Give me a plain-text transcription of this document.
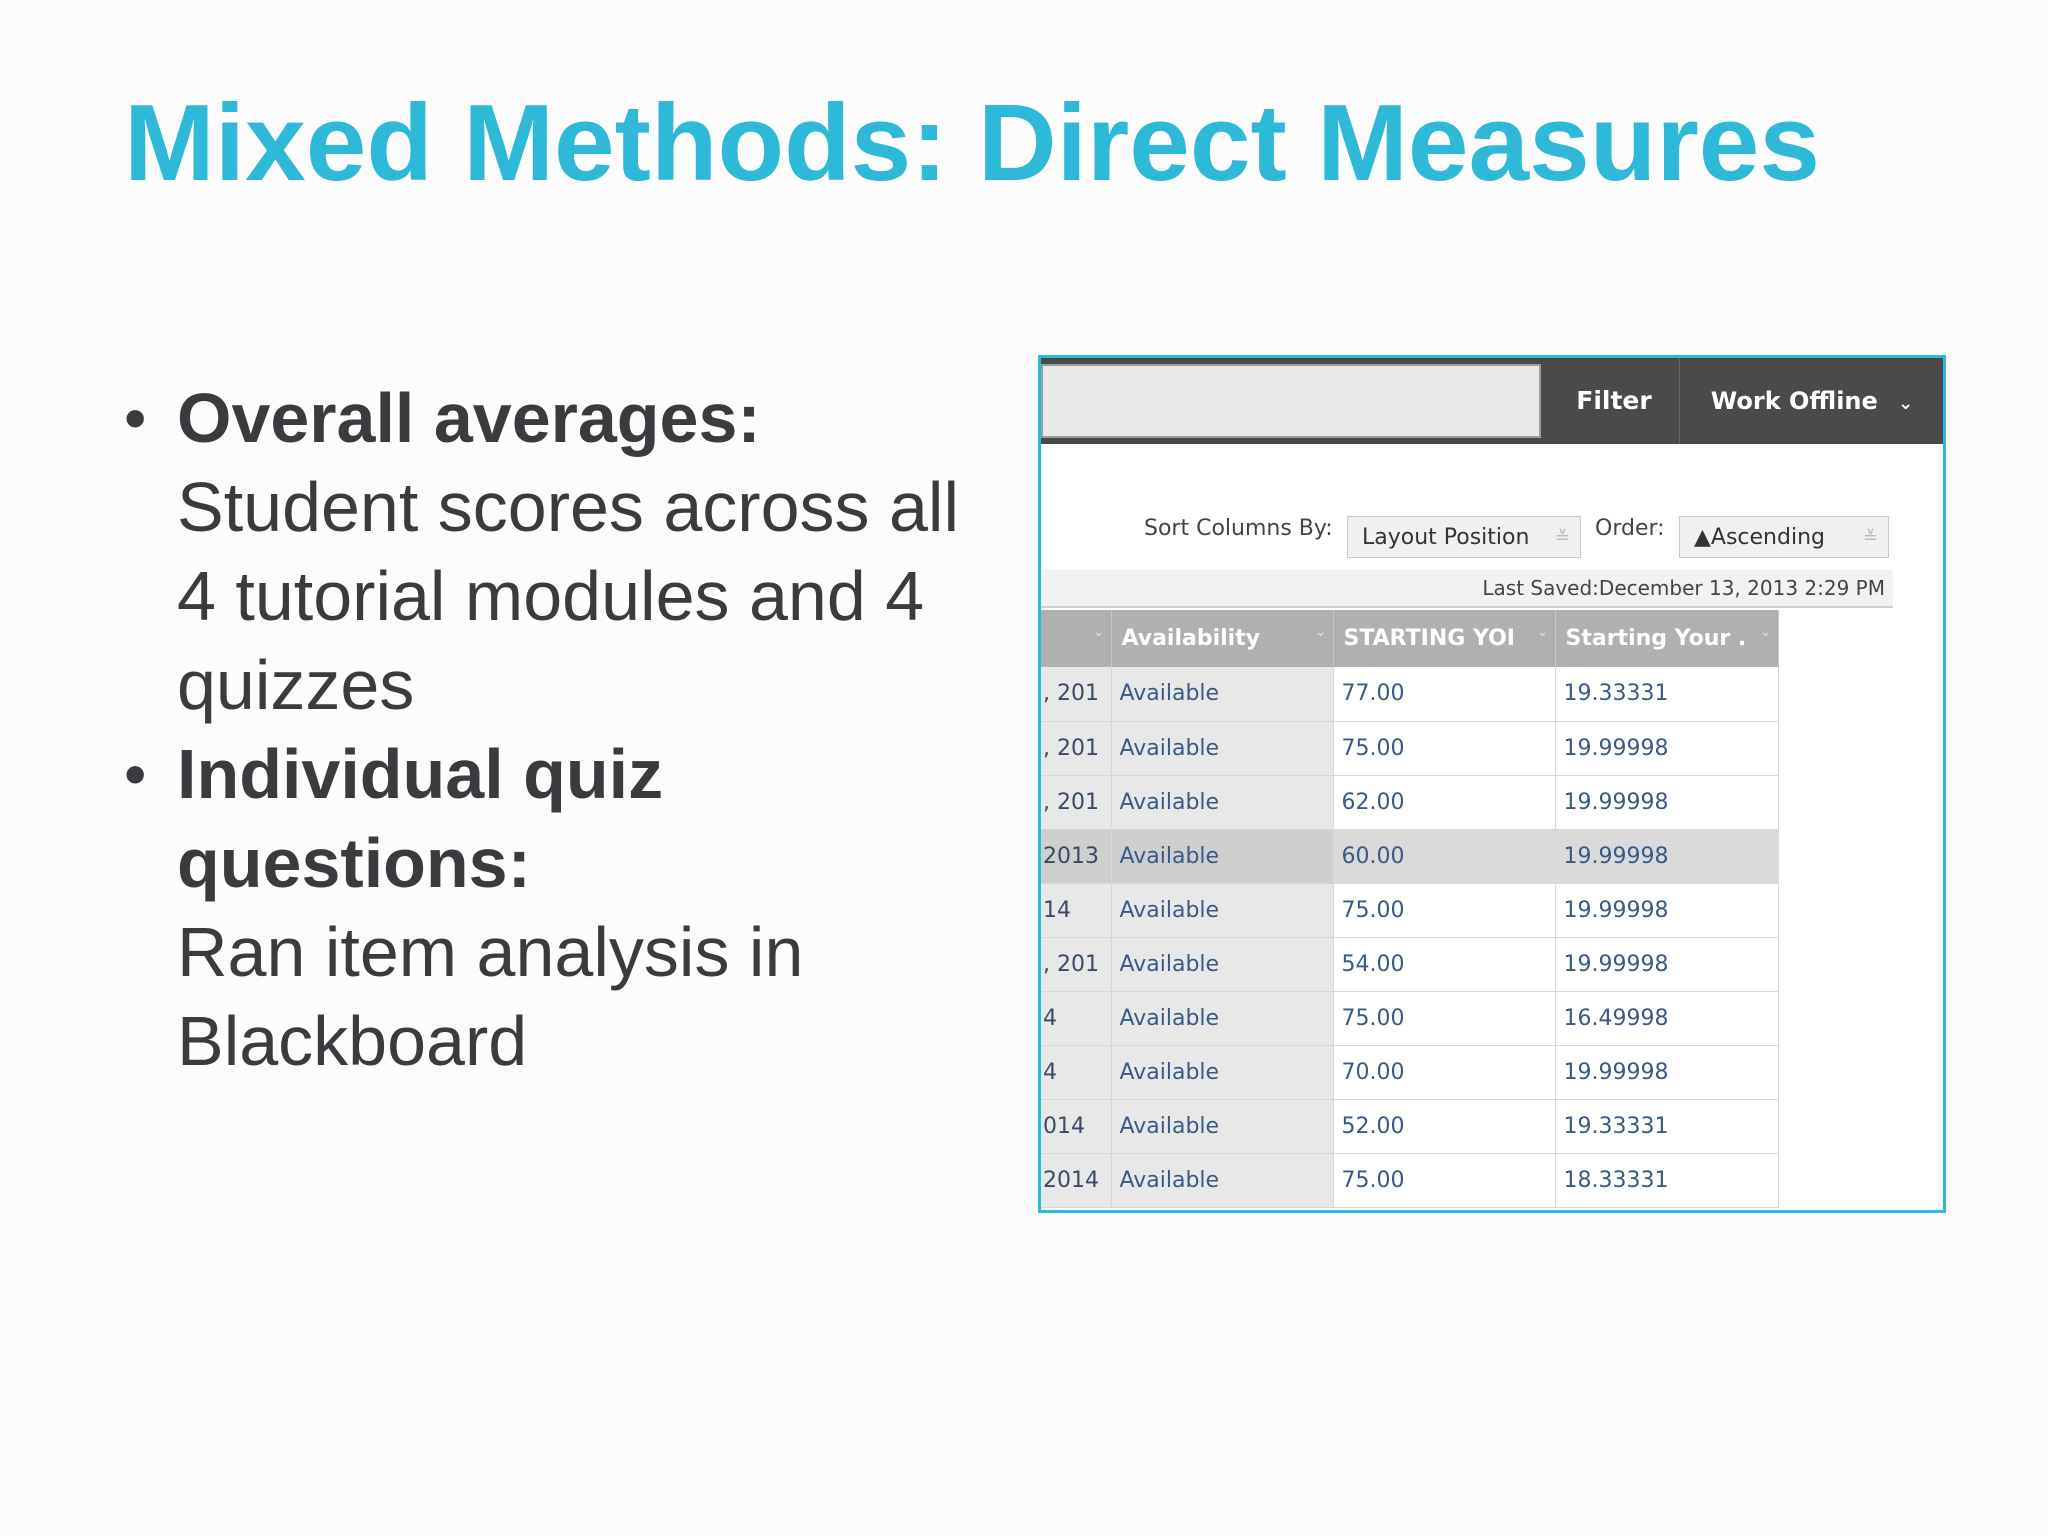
Mixed Methods: Direct Measures
• Overall averages:
Student scores across all 4 tutorial modules and 4 quizzes
• Individual quiz questions:
Ran item analysis in Blackboard
Filter	Work Offline ⌄
Sort Columns By:	Layout Position ≚ Order:	▲Ascending ≚
Last Saved:December 13, 2013 2:29 PM
⌄	Availability ⌄	STARTING YOI ⌄	Starting Your . ⌄

, 201	Available	77.00	19.33331
, 201	Available	75.00	19.99998
, 201	Available	62.00	19.99998
2013	Available	60.00	19.99998
14	Available	75.00	19.99998
, 201	Available	54.00	19.99998
4	Available	75.00	16.49998
4	Available	70.00	19.99998
014	Available	52.00	19.33331
2014	Available	75.00	18.33331
